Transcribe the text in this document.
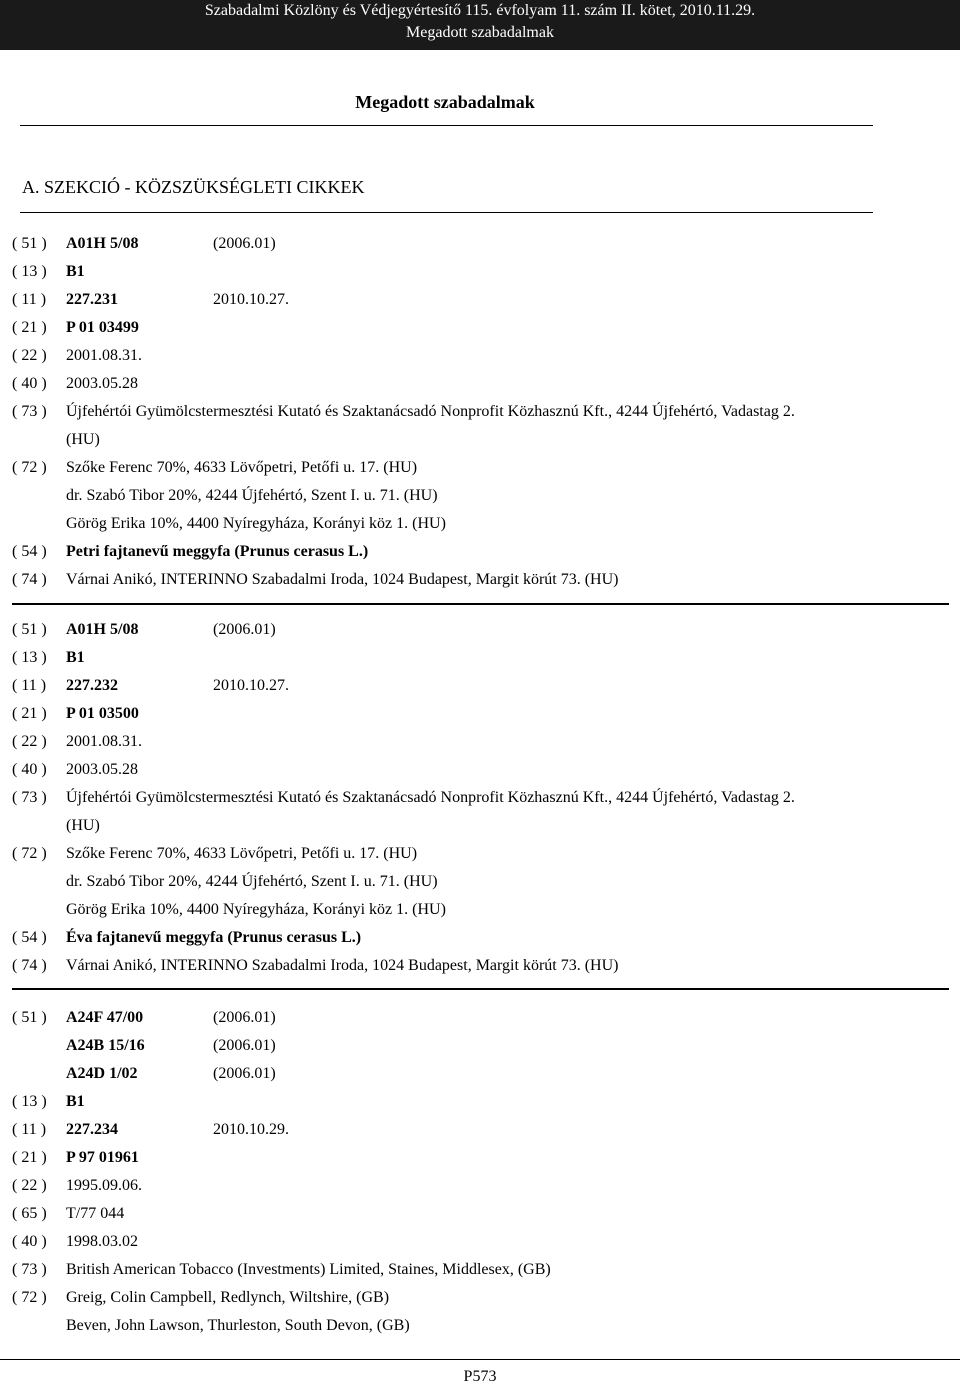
Szabadalmi Közlöny és Védjegyértesítő 115. évfolyam 11. szám II. kötet, 2010.11.29.
Megadott szabadalmak
Megadott szabadalmak
A. SZEKCIÓ - KÖZSZÜKSÉGLETI CIKKEK
( 51 ) A01H 5/08	(2006.01)
( 13 ) B1
( 11 ) 227.231	2010.10.27.
( 21 ) P 01 03499
( 22 ) 2001.08.31.
( 40 ) 2003.05.28
( 73 ) Újfehértói Gyümölcstermesztési Kutató és Szaktanácsadó Nonprofit Közhasznú Kft., 4244 Újfehértó, Vadastag 2.
(HU)
( 72 ) Szőke Ferenc 70%, 4633 Lövőpetri, Petőfi u. 17. (HU)
dr. Szabó Tibor 20%, 4244 Újfehértó, Szent I. u. 71. (HU)
Görög Erika 10%, 4400 Nyíregyháza, Korányi köz 1. (HU)
( 54 ) Petri fajtanevű meggyfa (Prunus cerasus L.)
( 74 ) Várnai Anikó, INTERINNO Szabadalmi Iroda, 1024 Budapest, Margit körút 73. (HU)
( 51 ) A01H 5/08	(2006.01)
( 13 ) B1
( 11 ) 227.232	2010.10.27.
( 21 ) P 01 03500
( 22 ) 2001.08.31.
( 40 ) 2003.05.28
( 73 ) Újfehértói Gyümölcstermesztési Kutató és Szaktanácsadó Nonprofit Közhasznú Kft., 4244 Újfehértó, Vadastag 2.
(HU)
( 72 ) Szőke Ferenc 70%, 4633 Lövőpetri, Petőfi u. 17. (HU)
dr. Szabó Tibor 20%, 4244 Újfehértó, Szent I. u. 71. (HU)
Görög Erika 10%, 4400 Nyíregyháza, Korányi köz 1. (HU)
( 54 ) Éva fajtanevű meggyfa (Prunus cerasus L.)
( 74 ) Várnai Anikó, INTERINNO Szabadalmi Iroda, 1024 Budapest, Margit körút 73. (HU)
( 51 ) A24F 47/00	(2006.01)
A24B 15/16	(2006.01)
A24D 1/02	(2006.01)
( 13 ) B1
( 11 ) 227.234	2010.10.29.
( 21 ) P 97 01961
( 22 ) 1995.09.06.
( 65 ) T/77 044
( 40 ) 1998.03.02
( 73 ) British American Tobacco (Investments) Limited, Staines, Middlesex, (GB)
( 72 ) Greig, Colin Campbell, Redlynch, Wiltshire, (GB)
Beven, John Lawson, Thurleston, South Devon, (GB)
P573
